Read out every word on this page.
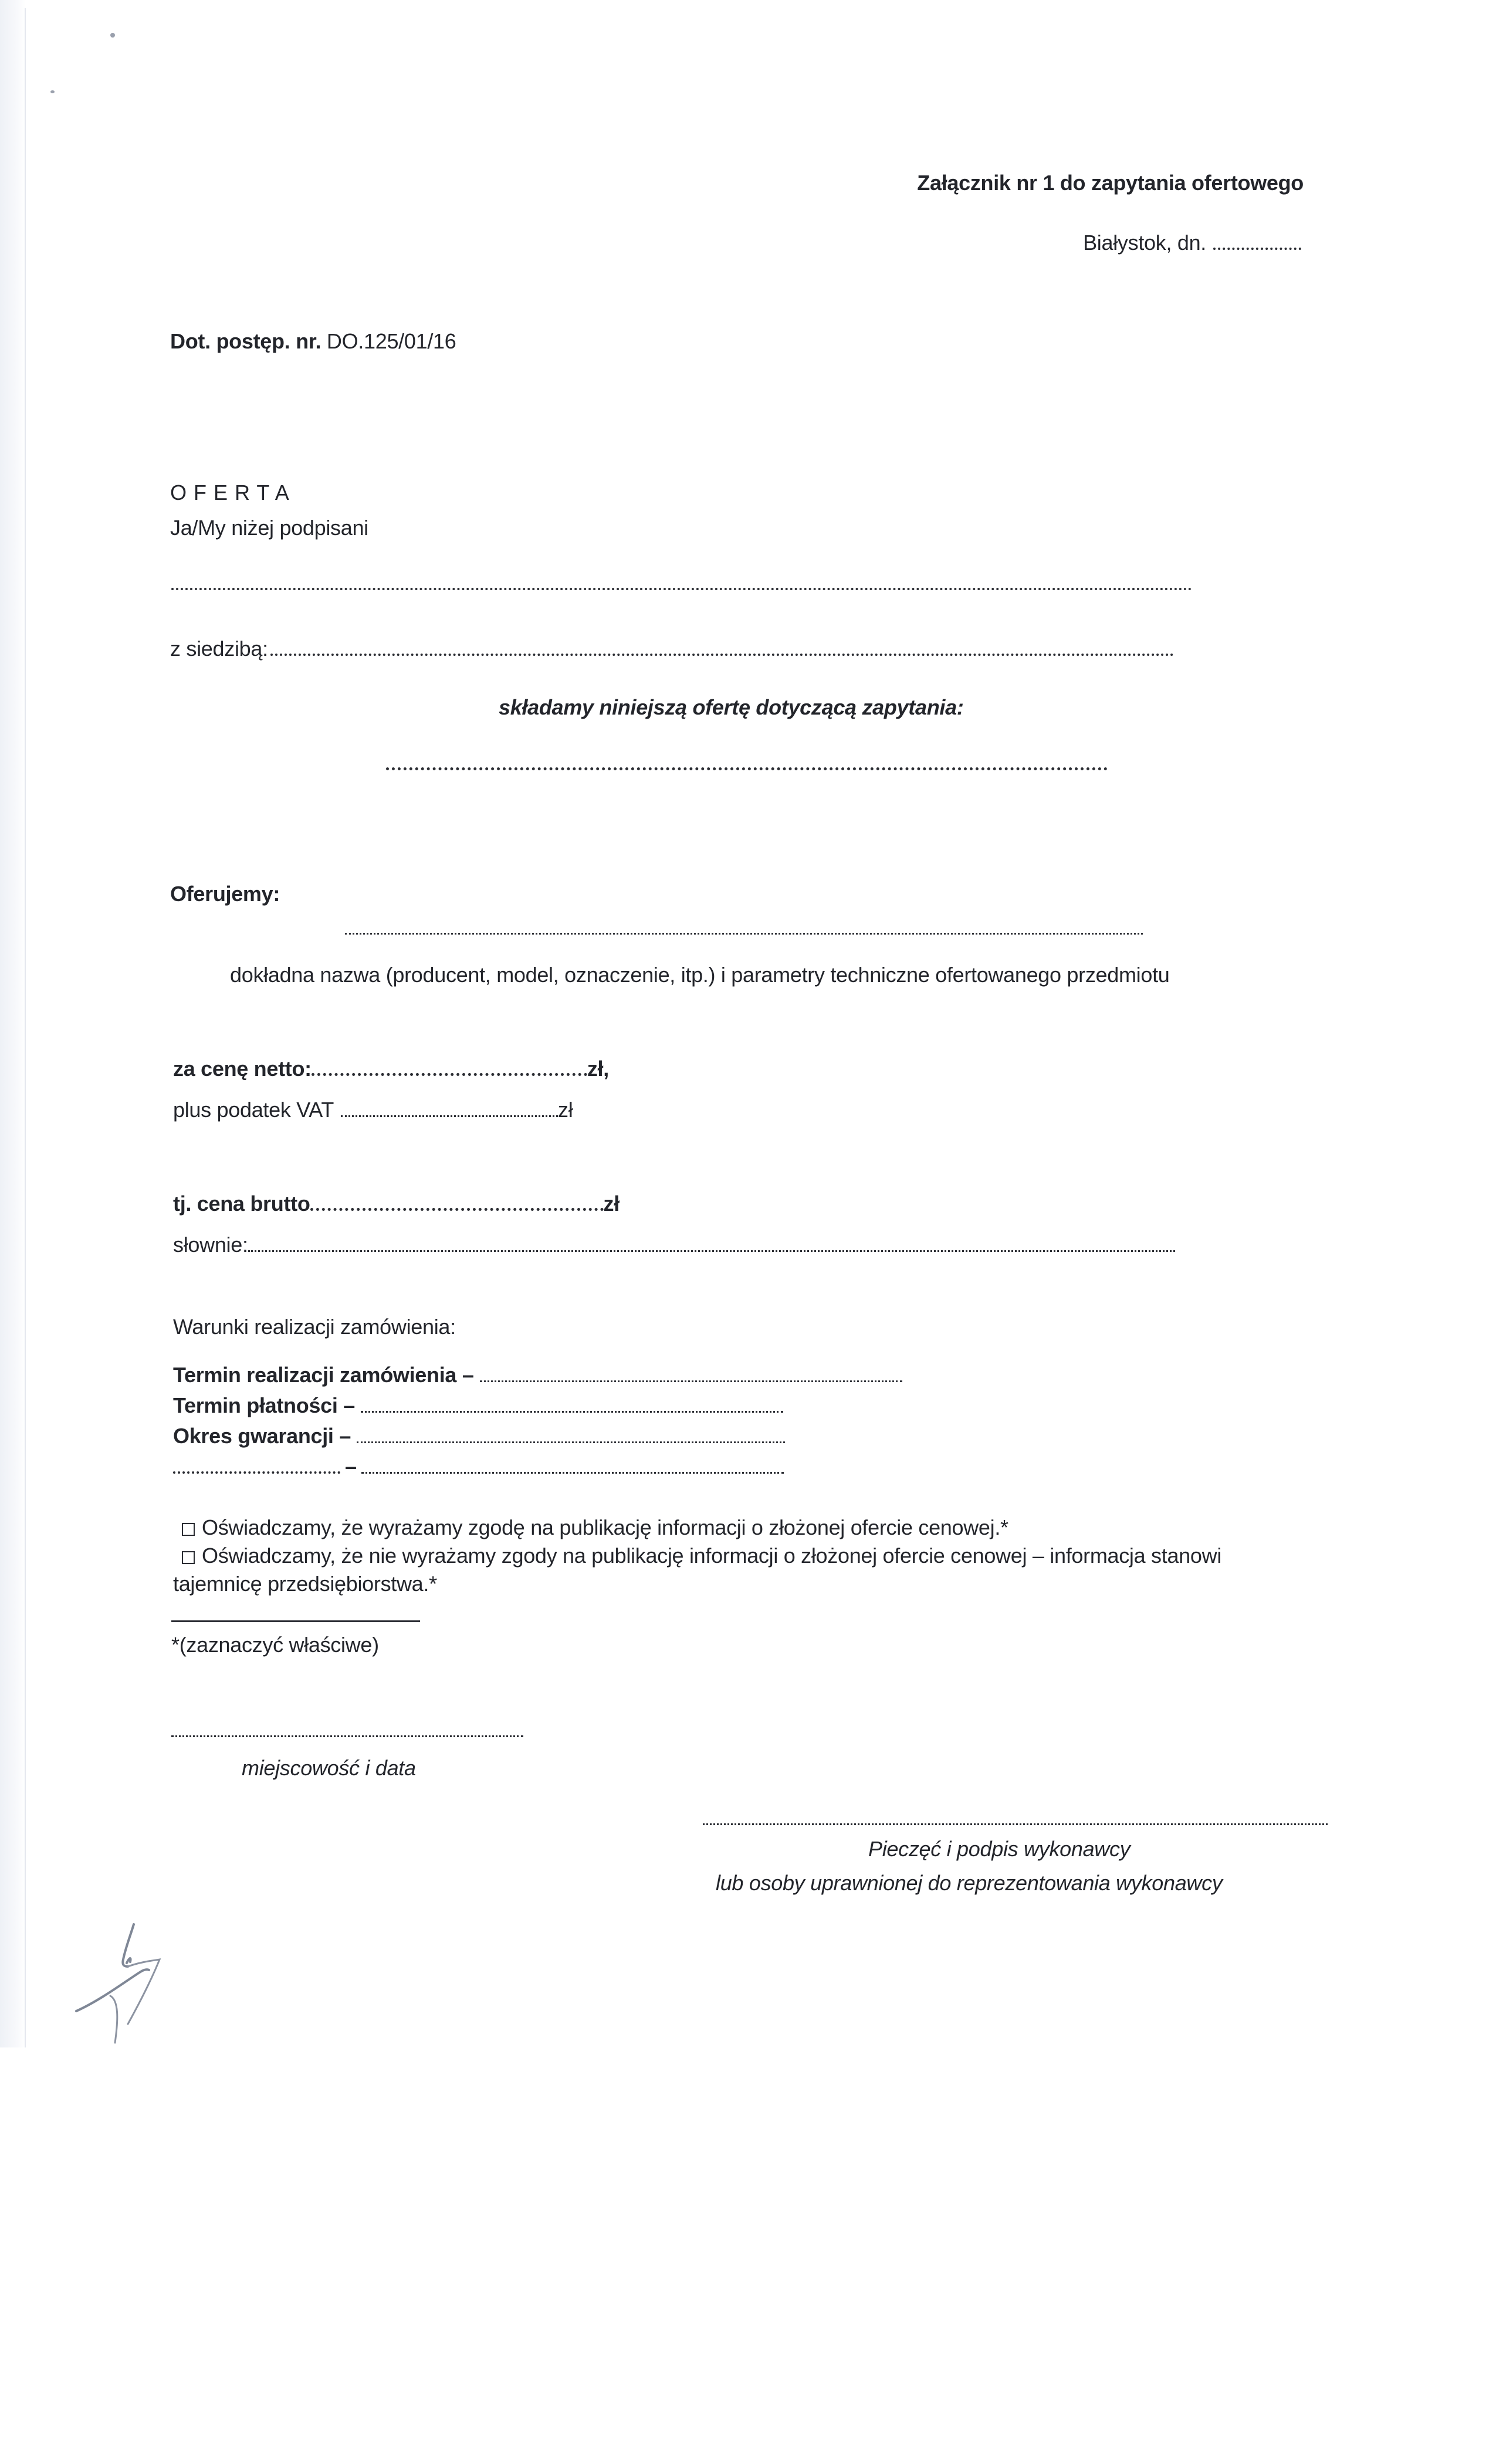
Załącznik nr 1 do zapytania ofertowego
Białystok, dn.
Dot. postęp. nr. DO.125/01/16
O F E R T A
Ja/My niżej podpisani
z siedzibą:
składamy niniejszą ofertę dotyczącą zapytania:
Oferujemy:
dokładna nazwa (producent, model, oznaczenie, itp.) i parametry techniczne ofertowanego przedmiotu
za cenę netto:	zł,
plus podatek VAT	zł
tj. cena brutto	zł
słownie:
Warunki realizacji zamówienia:
Termin realizacji zamówienia –
Termin płatności –
Okres gwarancji –
–
Oświadczamy, że wyrażamy zgodę na publikację informacji o złożonej ofercie cenowej.*
Oświadczamy, że nie wyrażamy zgody na publikację informacji o złożonej ofercie cenowej – informacja stanowi
tajemnicę przedsiębiorstwa.*
*(zaznaczyć właściwe)
miejscowość i data
Pieczęć i podpis wykonawcy
lub osoby uprawnionej do reprezentowania wykonawcy
